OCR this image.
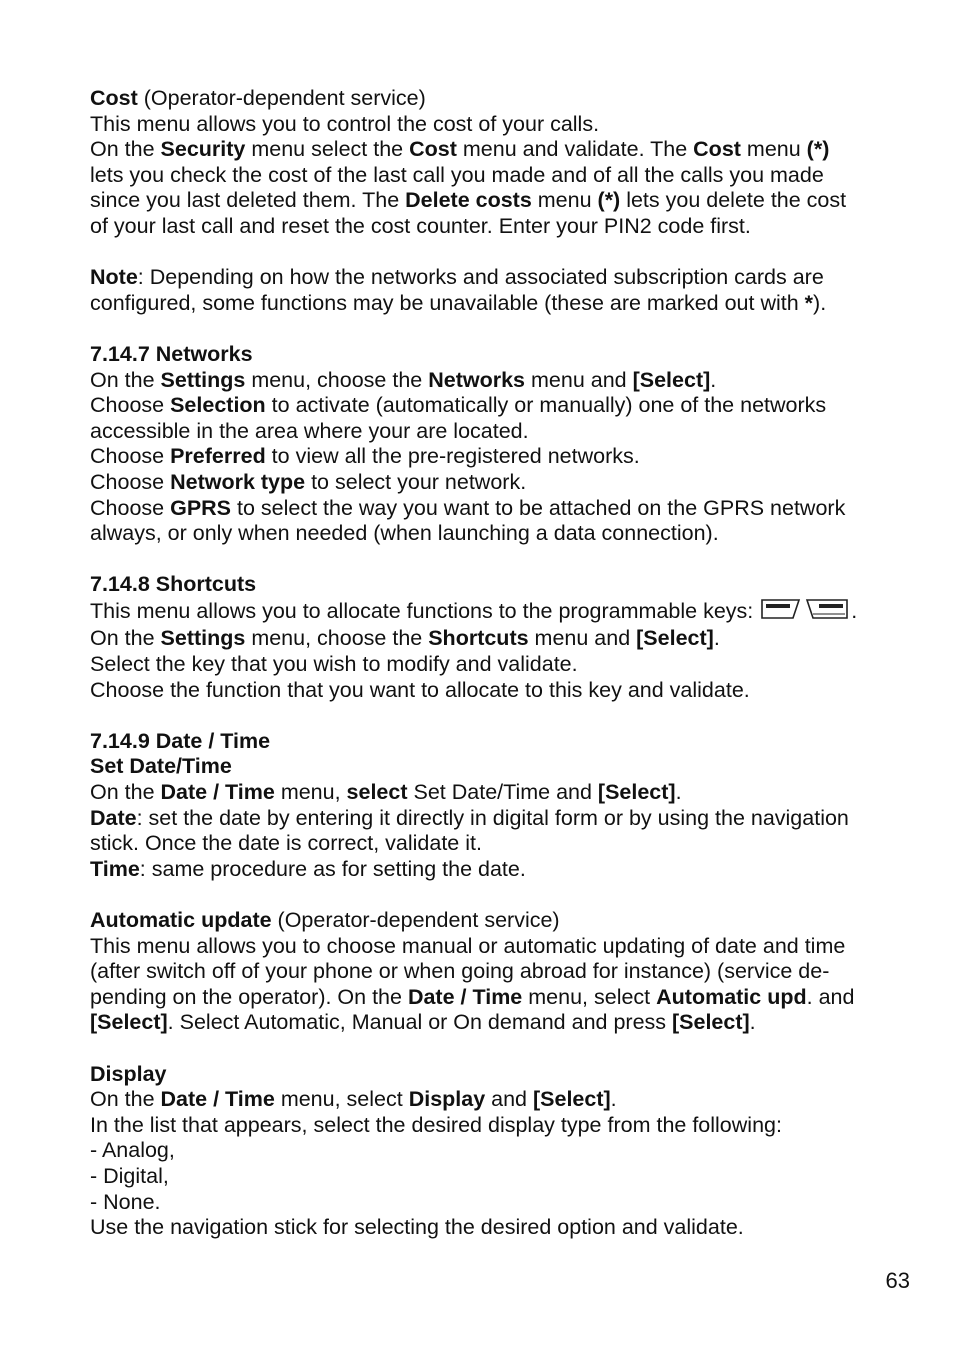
Cost (Operator-dependent service)
This menu allows you to control the cost of your calls.
On the Security menu select the Cost menu and validate. The Cost menu (*)
lets you check the cost of the last call you made and of all the calls you made
since you last deleted them. The Delete costs menu (*) lets you delete the cost
of your last call and reset the cost counter. Enter your PIN2 code first.
Note: Depending on how the networks and associated subscription cards are
configured, some functions may be unavailable (these are marked out with *).
7.14.7 Networks
On the Settings menu, choose the Networks menu and [Select].
Choose Selection to activate (automatically or manually) one of the networks
accessible in the area where your are located.
Choose Preferred to view all the pre-registered networks.
Choose Network type to select your network.
Choose GPRS to select the way you want to be attached on the GPRS network
always, or only when needed (when launching a data connection).
7.14.8 Shortcuts
This menu allows you to allocate functions to the programmable keys:	.
On the Settings menu, choose the Shortcuts menu and [Select].
Select the key that you wish to modify and validate.
Choose the function that you want to allocate to this key and validate.
7.14.9 Date / Time
Set Date/Time
On the Date / Time menu, select Set Date/Time and [Select].
Date: set the date by entering it directly in digital form or by using the navigation
stick. Once the date is correct, validate it.
Time: same procedure as for setting the date.
Automatic update (Operator-dependent service)
This menu allows you to choose manual or automatic updating of date and time
(after switch off of your phone or when going abroad for instance) (service de-
pending on the operator). On the Date / Time menu, select Automatic upd. and
[Select]. Select Automatic, Manual or On demand and press [Select].
Display
On the Date / Time menu, select Display and [Select].
In the list that appears, select the desired display type from the following:
- Analog,
- Digital,
- None.
Use the navigation stick for selecting the desired option and validate.
63
